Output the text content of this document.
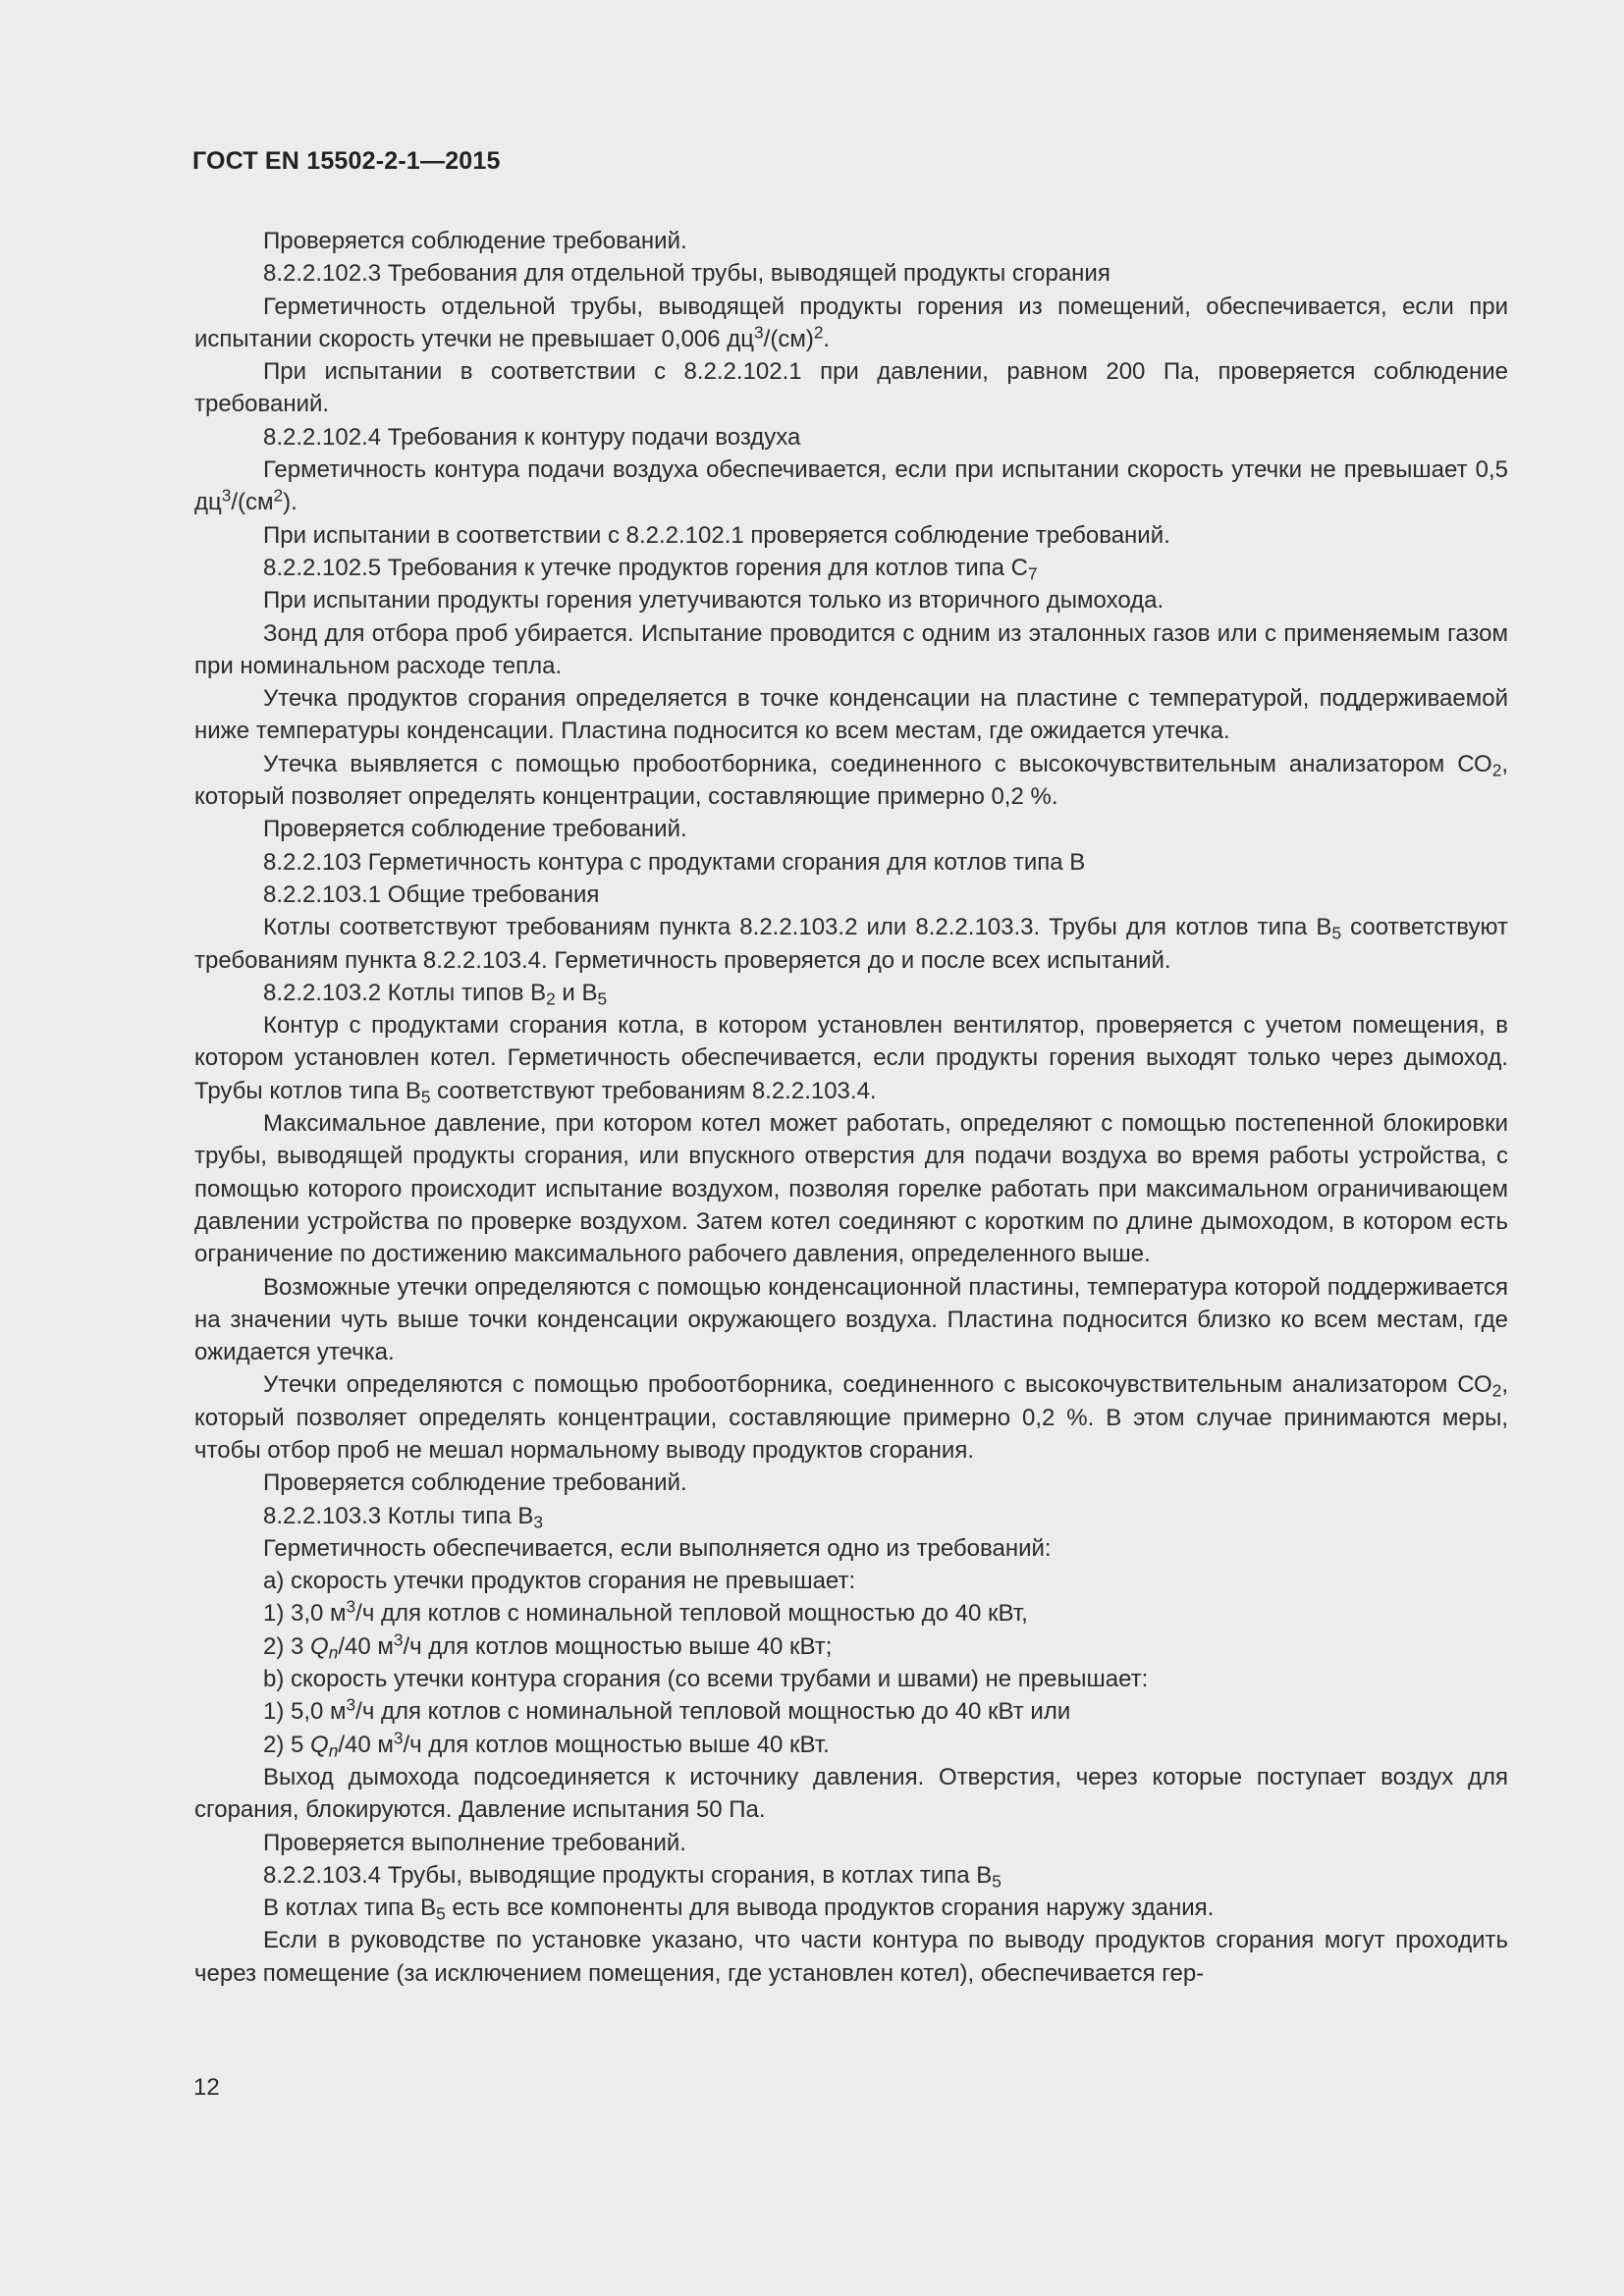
ГОСТ EN 15502-2-1—2015

Проверяется соблюдение требований.

8.2.2.102.3 Требования для отдельной трубы, выводящей продукты сгорания

Герметичность отдельной трубы, выводящей продукты горения из помещений, обеспечивается, если при испытании скорость утечки не превышает 0,006 $дц^3/(см)^2$.

При испытании в соответствии с 8.2.2.102.1 при давлении, равном 200 Па, проверяется соблюдение требований.

8.2.2.102.4 Требования к контуру подачи воздуха

Герметичность контура подачи воздуха обеспечивается, если при испытании скорость утечки не превышает 0,5 $дц^3/(см^2)$.

При испытании в соответствии с 8.2.2.102.1 проверяется соблюдение требований.

8.2.2.102.5 Требования к утечке продуктов горения для котлов типа $С_7$

При испытании продукты горения улетучиваются только из вторичного дымохода.

Зонд для отбора проб убирается. Испытание проводится с одним из эталонных газов или с применяемым газом при номинальном расходе тепла.

Утечка продуктов сгорания определяется в точке конденсации на пластине с температурой, поддерживаемой ниже температуры конденсации. Пластина подносится ко всем местам, где ожидается утечка.

Утечка выявляется с помощью пробоотборника, соединенного с высокочувствительным анализатором $СО_2$, который позволяет определять концентрации, составляющие примерно 0,2 %.

Проверяется соблюдение требований.

8.2.2.103 Герметичность контура с продуктами сгорания для котлов типа В

8.2.2.103.1 Общие требования

Котлы соответствуют требованиям пункта 8.2.2.103.2 или 8.2.2.103.3. Трубы для котлов типа $В_5$ соответствуют требованиям пункта 8.2.2.103.4. Герметичность проверяется до и после всех испытаний.

8.2.2.103.2 Котлы типов $В_2$ и $В_5$

Контур с продуктами сгорания котла, в котором установлен вентилятор, проверяется с учетом помещения, в котором установлен котел. Герметичность обеспечивается, если продукты горения выходят только через дымоход. Трубы котлов типа $В_5$ соответствуют требованиям 8.2.2.103.4.

Максимальное давление, при котором котел может работать, определяют с помощью постепенной блокировки трубы, выводящей продукты сгорания, или впускного отверстия для подачи воздуха во время работы устройства, с помощью которого происходит испытание воздухом, позволяя горелке работать при максимальном ограничивающем давлении устройства по проверке воздухом. Затем котел соединяют с коротким по длине дымоходом, в котором есть ограничение по достижению максимального рабочего давления, определенного выше.

Возможные утечки определяются с помощью конденсационной пластины, температура которой поддерживается на значении чуть выше точки конденсации окружающего воздуха. Пластина подносится близко ко всем местам, где ожидается утечка.

Утечки определяются с помощью пробоотборника, соединенного с высокочувствительным анализатором $СО_2$, который позволяет определять концентрации, составляющие примерно 0,2 %. В этом случае принимаются меры, чтобы отбор проб не мешал нормальному выводу продуктов сгорания.

Проверяется соблюдение требований.

8.2.2.103.3 Котлы типа $В_3$

Герметичность обеспечивается, если выполняется одно из требований:

а) скорость утечки продуктов сгорания не превышает:

1) 3,0 $м^3/ч$ для котлов с номинальной тепловой мощностью до 40 кВт,

2) 3 $Q_n/40$ $м^3/ч$ для котлов мощностью выше 40 кВт;

b) скорость утечки контура сгорания (со всеми трубами и швами) не превышает:

1) 5,0 $м^3/ч$ для котлов с номинальной тепловой мощностью до 40 кВт или

2) 5 $Q_n/40$ $м^3/ч$ для котлов мощностью выше 40 кВт.

Выход дымохода подсоединяется к источнику давления. Отверстия, через которые поступает воздух для сгорания, блокируются. Давление испытания 50 Па.

Проверяется выполнение требований.

8.2.2.103.4 Трубы, выводящие продукты сгорания, в котлах типа $В_5$

В котлах типа $В_5$ есть все компоненты для вывода продуктов сгорания наружу здания.

Если в руководстве по установке указано, что части контура по выводу продуктов сгорания могут проходить через помещение (за исключением помещения, где установлен котел), обеспечивается гер-

12
